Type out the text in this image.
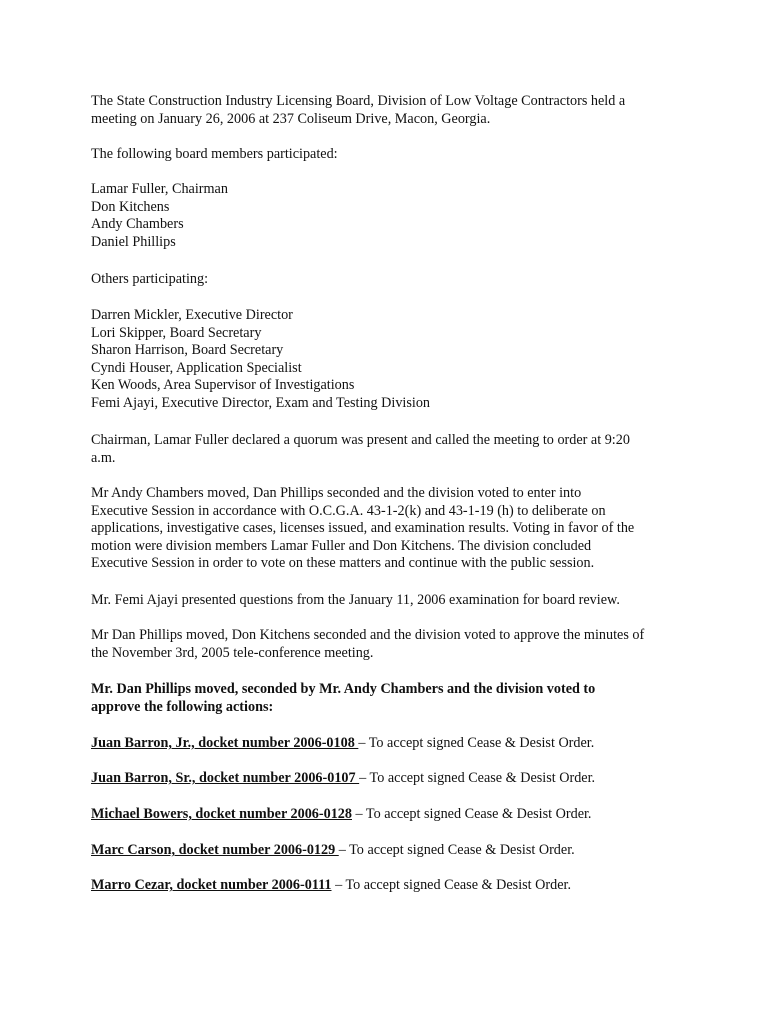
The State Construction Industry Licensing Board, Division of Low Voltage Contractors held a
meeting on January 26, 2006 at 237 Coliseum Drive, Macon, Georgia.

The following board members participated:

Lamar Fuller, Chairman
Don Kitchens
Andy Chambers
Daniel Phillips

Others participating:

Darren Mickler, Executive Director
Lori Skipper, Board Secretary
Sharon Harrison, Board Secretary
Cyndi Houser, Application Specialist
Ken Woods, Area Supervisor of Investigations
Femi Ajayi, Executive Director, Exam and Testing Division

Chairman, Lamar Fuller declared a quorum was present and called the meeting to order at 9:20
a.m.

Mr Andy Chambers moved, Dan Phillips seconded and the division voted to enter into
Executive Session in accordance with O.C.G.A. 43-1-2(k) and 43-1-19 (h) to deliberate on
applications, investigative cases, licenses issued, and examination results. Voting in favor of the
motion were division members Lamar Fuller and Don Kitchens. The division concluded
Executive Session in order to vote on these matters and continue with the public session.

Mr. Femi Ajayi presented questions from the January 11, 2006 examination for board review.

Mr Dan Phillips moved, Don Kitchens seconded and the division voted to approve the minutes of
the November 3rd, 2005 tele-conference meeting.

Mr. Dan Phillips moved, seconded by Mr. Andy Chambers and the division voted to
approve the following actions:

Juan Barron, Jr., docket number 2006-0108 – To accept signed Cease & Desist Order.

Juan Barron, Sr., docket number 2006-0107 – To accept signed Cease & Desist Order.

Michael Bowers, docket number 2006-0128 – To accept signed Cease & Desist Order.

Marc Carson, docket number 2006-0129 – To accept signed Cease & Desist Order.

Marro Cezar, docket number 2006-0111 – To accept signed Cease & Desist Order.
